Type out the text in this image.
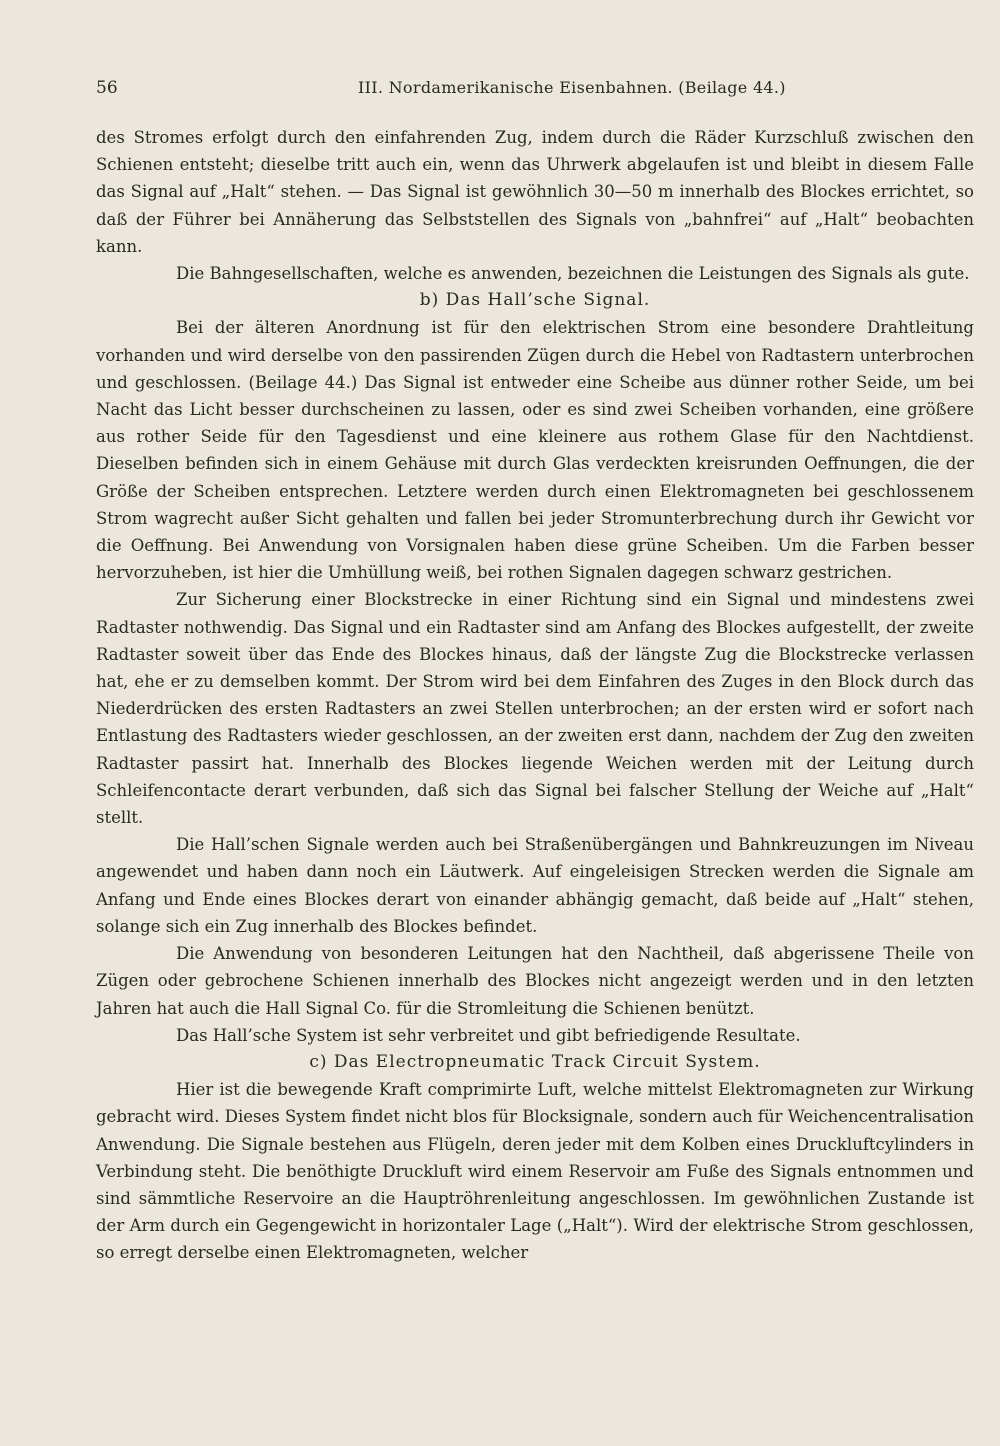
56	III. Nordamerikanische Eisenbahnen. (Beilage 44.)

des Stromes erfolgt durch den einfahrenden Zug, indem durch die Räder Kurzschluß zwischen den Schienen entsteht; dieselbe tritt auch ein, wenn das Uhrwerk abgelaufen ist und bleibt in diesem Falle das Signal auf „Halt“ stehen. — Das Signal ist gewöhnlich 30—50 m innerhalb des Blockes errichtet, so daß der Führer bei Annäherung das Selbststellen des Signals von „bahnfrei“ auf „Halt“ beobachten kann.

Die Bahngesellschaften, welche es anwenden, bezeichnen die Leistungen des Signals als gute.

b) Das Hall’sche Signal.

Bei der älteren Anordnung ist für den elektrischen Strom eine besondere Drahtleitung vorhanden und wird derselbe von den passirenden Zügen durch die Hebel von Radtastern unterbrochen und geschlossen. (Beilage 44.) Das Signal ist entweder eine Scheibe aus dünner rother Seide, um bei Nacht das Licht besser durchscheinen zu lassen, oder es sind zwei Scheiben vorhanden, eine größere aus rother Seide für den Tagesdienst und eine kleinere aus rothem Glase für den Nachtdienst. Dieselben befinden sich in einem Gehäuse mit durch Glas verdeckten kreisrunden Oeffnungen, die der Größe der Scheiben entsprechen. Letztere werden durch einen Elektromagneten bei geschlossenem Strom wagrecht außer Sicht gehalten und fallen bei jeder Stromunterbrechung durch ihr Gewicht vor die Oeffnung. Bei Anwendung von Vorsignalen haben diese grüne Scheiben. Um die Farben besser hervorzuheben, ist hier die Umhüllung weiß, bei rothen Signalen dagegen schwarz gestrichen.

Zur Sicherung einer Blockstrecke in einer Richtung sind ein Signal und mindestens zwei Radtaster nothwendig. Das Signal und ein Radtaster sind am Anfang des Blockes aufgestellt, der zweite Radtaster soweit über das Ende des Blockes hinaus, daß der längste Zug die Blockstrecke verlassen hat, ehe er zu demselben kommt. Der Strom wird bei dem Einfahren des Zuges in den Block durch das Niederdrücken des ersten Radtasters an zwei Stellen unterbrochen; an der ersten wird er sofort nach Entlastung des Radtasters wieder geschlossen, an der zweiten erst dann, nachdem der Zug den zweiten Radtaster passirt hat. Innerhalb des Blockes liegende Weichen werden mit der Leitung durch Schleifencontacte derart verbunden, daß sich das Signal bei falscher Stellung der Weiche auf „Halt“ stellt.

Die Hall’schen Signale werden auch bei Straßenübergängen und Bahnkreuzungen im Niveau angewendet und haben dann noch ein Läutwerk. Auf eingeleisigen Strecken werden die Signale am Anfang und Ende eines Blockes derart von einander abhängig gemacht, daß beide auf „Halt“ stehen, solange sich ein Zug innerhalb des Blockes befindet.

Die Anwendung von besonderen Leitungen hat den Nachtheil, daß abgerissene Theile von Zügen oder gebrochene Schienen innerhalb des Blockes nicht angezeigt werden und in den letzten Jahren hat auch die Hall Signal Co. für die Stromleitung die Schienen benützt.

Das Hall’sche System ist sehr verbreitet und gibt befriedigende Resultate.

c) Das Electropneumatic Track Circuit System.

Hier ist die bewegende Kraft comprimirte Luft, welche mittelst Elektromagneten zur Wirkung gebracht wird. Dieses System findet nicht blos für Blocksignale, sondern auch für Weichencentralisation Anwendung. Die Signale bestehen aus Flügeln, deren jeder mit dem Kolben eines Druckluftcylinders in Verbindung steht. Die benöthigte Druckluft wird einem Reservoir am Fuße des Signals entnommen und sind sämmtliche Reservoire an die Hauptröhrenleitung angeschlossen. Im gewöhnlichen Zustande ist der Arm durch ein Gegengewicht in horizontaler Lage („Halt“). Wird der elektrische Strom geschlossen, so erregt derselbe einen Elektromagneten, welcher
